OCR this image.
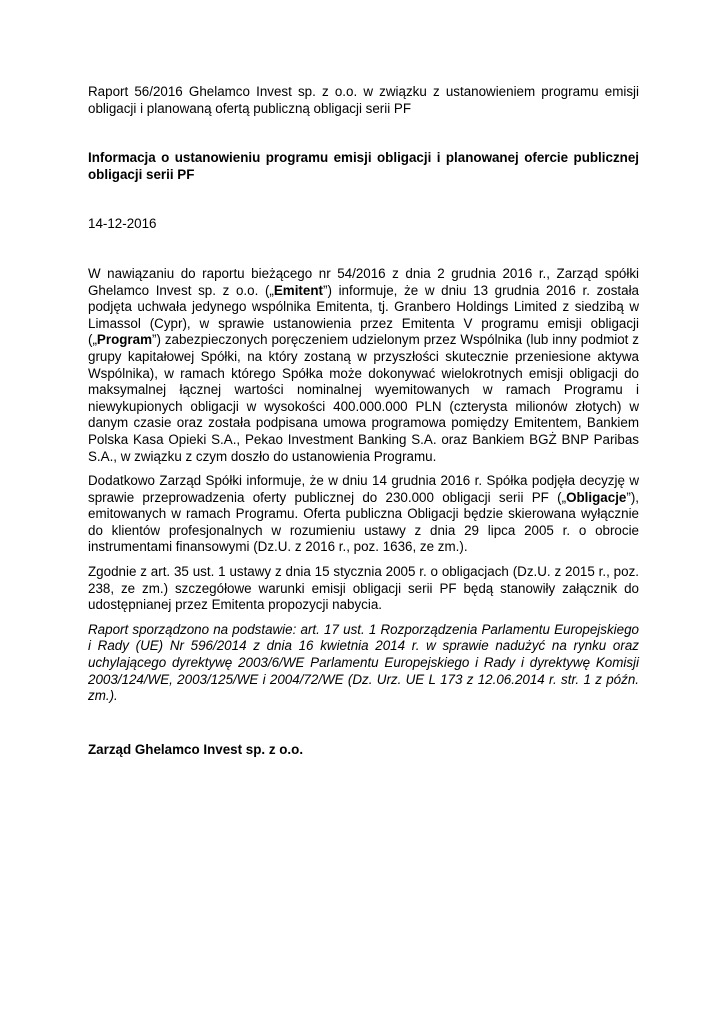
Raport 56/2016 Ghelamco Invest sp. z o.o. w związku z ustanowieniem programu emisji obligacji i planowaną ofertą publiczną obligacji serii PF

Informacja o ustanowieniu programu emisji obligacji i planowanej ofercie publicznej obligacji serii PF

14-12-2016

W nawiązaniu do raportu bieżącego nr 54/2016 z dnia 2 grudnia 2016 r., Zarząd spółki Ghelamco Invest sp. z o.o. („Emitent”) informuje, że w dniu 13 grudnia 2016 r. została podjęta uchwała jedynego wspólnika Emitenta, tj. Granbero Holdings Limited z siedzibą w Limassol (Cypr), w sprawie ustanowienia przez Emitenta V programu emisji obligacji („Program”) zabezpieczonych poręczeniem udzielonym przez Wspólnika (lub inny podmiot z grupy kapitałowej Spółki, na który zostaną w przyszłości skutecznie przeniesione aktywa Wspólnika), w ramach którego Spółka może dokonywać wielokrotnych emisji obligacji do maksymalnej łącznej wartości nominalnej wyemitowanych w ramach Programu i niewykupionych obligacji w wysokości 400.000.000 PLN (czterysta milionów złotych) w danym czasie oraz została podpisana umowa programowa pomiędzy Emitentem, Bankiem Polska Kasa Opieki S.A., Pekao Investment Banking S.A. oraz Bankiem BGŻ BNP Paribas S.A., w związku z czym doszło do ustanowienia Programu.

Dodatkowo Zarząd Spółki informuje, że w dniu 14 grudnia 2016 r. Spółka podjęła decyzję w sprawie przeprowadzenia oferty publicznej do 230.000 obligacji serii PF („Obligacje”), emitowanych w ramach Programu. Oferta publiczna Obligacji będzie skierowana wyłącznie do klientów profesjonalnych w rozumieniu ustawy z dnia 29 lipca 2005 r. o obrocie instrumentami finansowymi (Dz.U. z 2016 r., poz. 1636, ze zm.).

Zgodnie z art. 35 ust. 1 ustawy z dnia 15 stycznia 2005 r. o obligacjach (Dz.U. z 2015 r., poz. 238, ze zm.) szczegółowe warunki emisji obligacji serii PF będą stanowiły załącznik do udostępnianej przez Emitenta propozycji nabycia.

Raport sporządzono na podstawie: art. 17 ust. 1 Rozporządzenia Parlamentu Europejskiego i Rady (UE) Nr 596/2014 z dnia 16 kwietnia 2014 r. w sprawie nadużyć na rynku oraz uchylającego dyrektywę 2003/6/WE Parlamentu Europejskiego i Rady i dyrektywę Komisji 2003/124/WE, 2003/125/WE i 2004/72/WE (Dz. Urz. UE L 173 z 12.06.2014 r. str. 1 z późn. zm.).

Zarząd Ghelamco Invest sp. z o.o.
